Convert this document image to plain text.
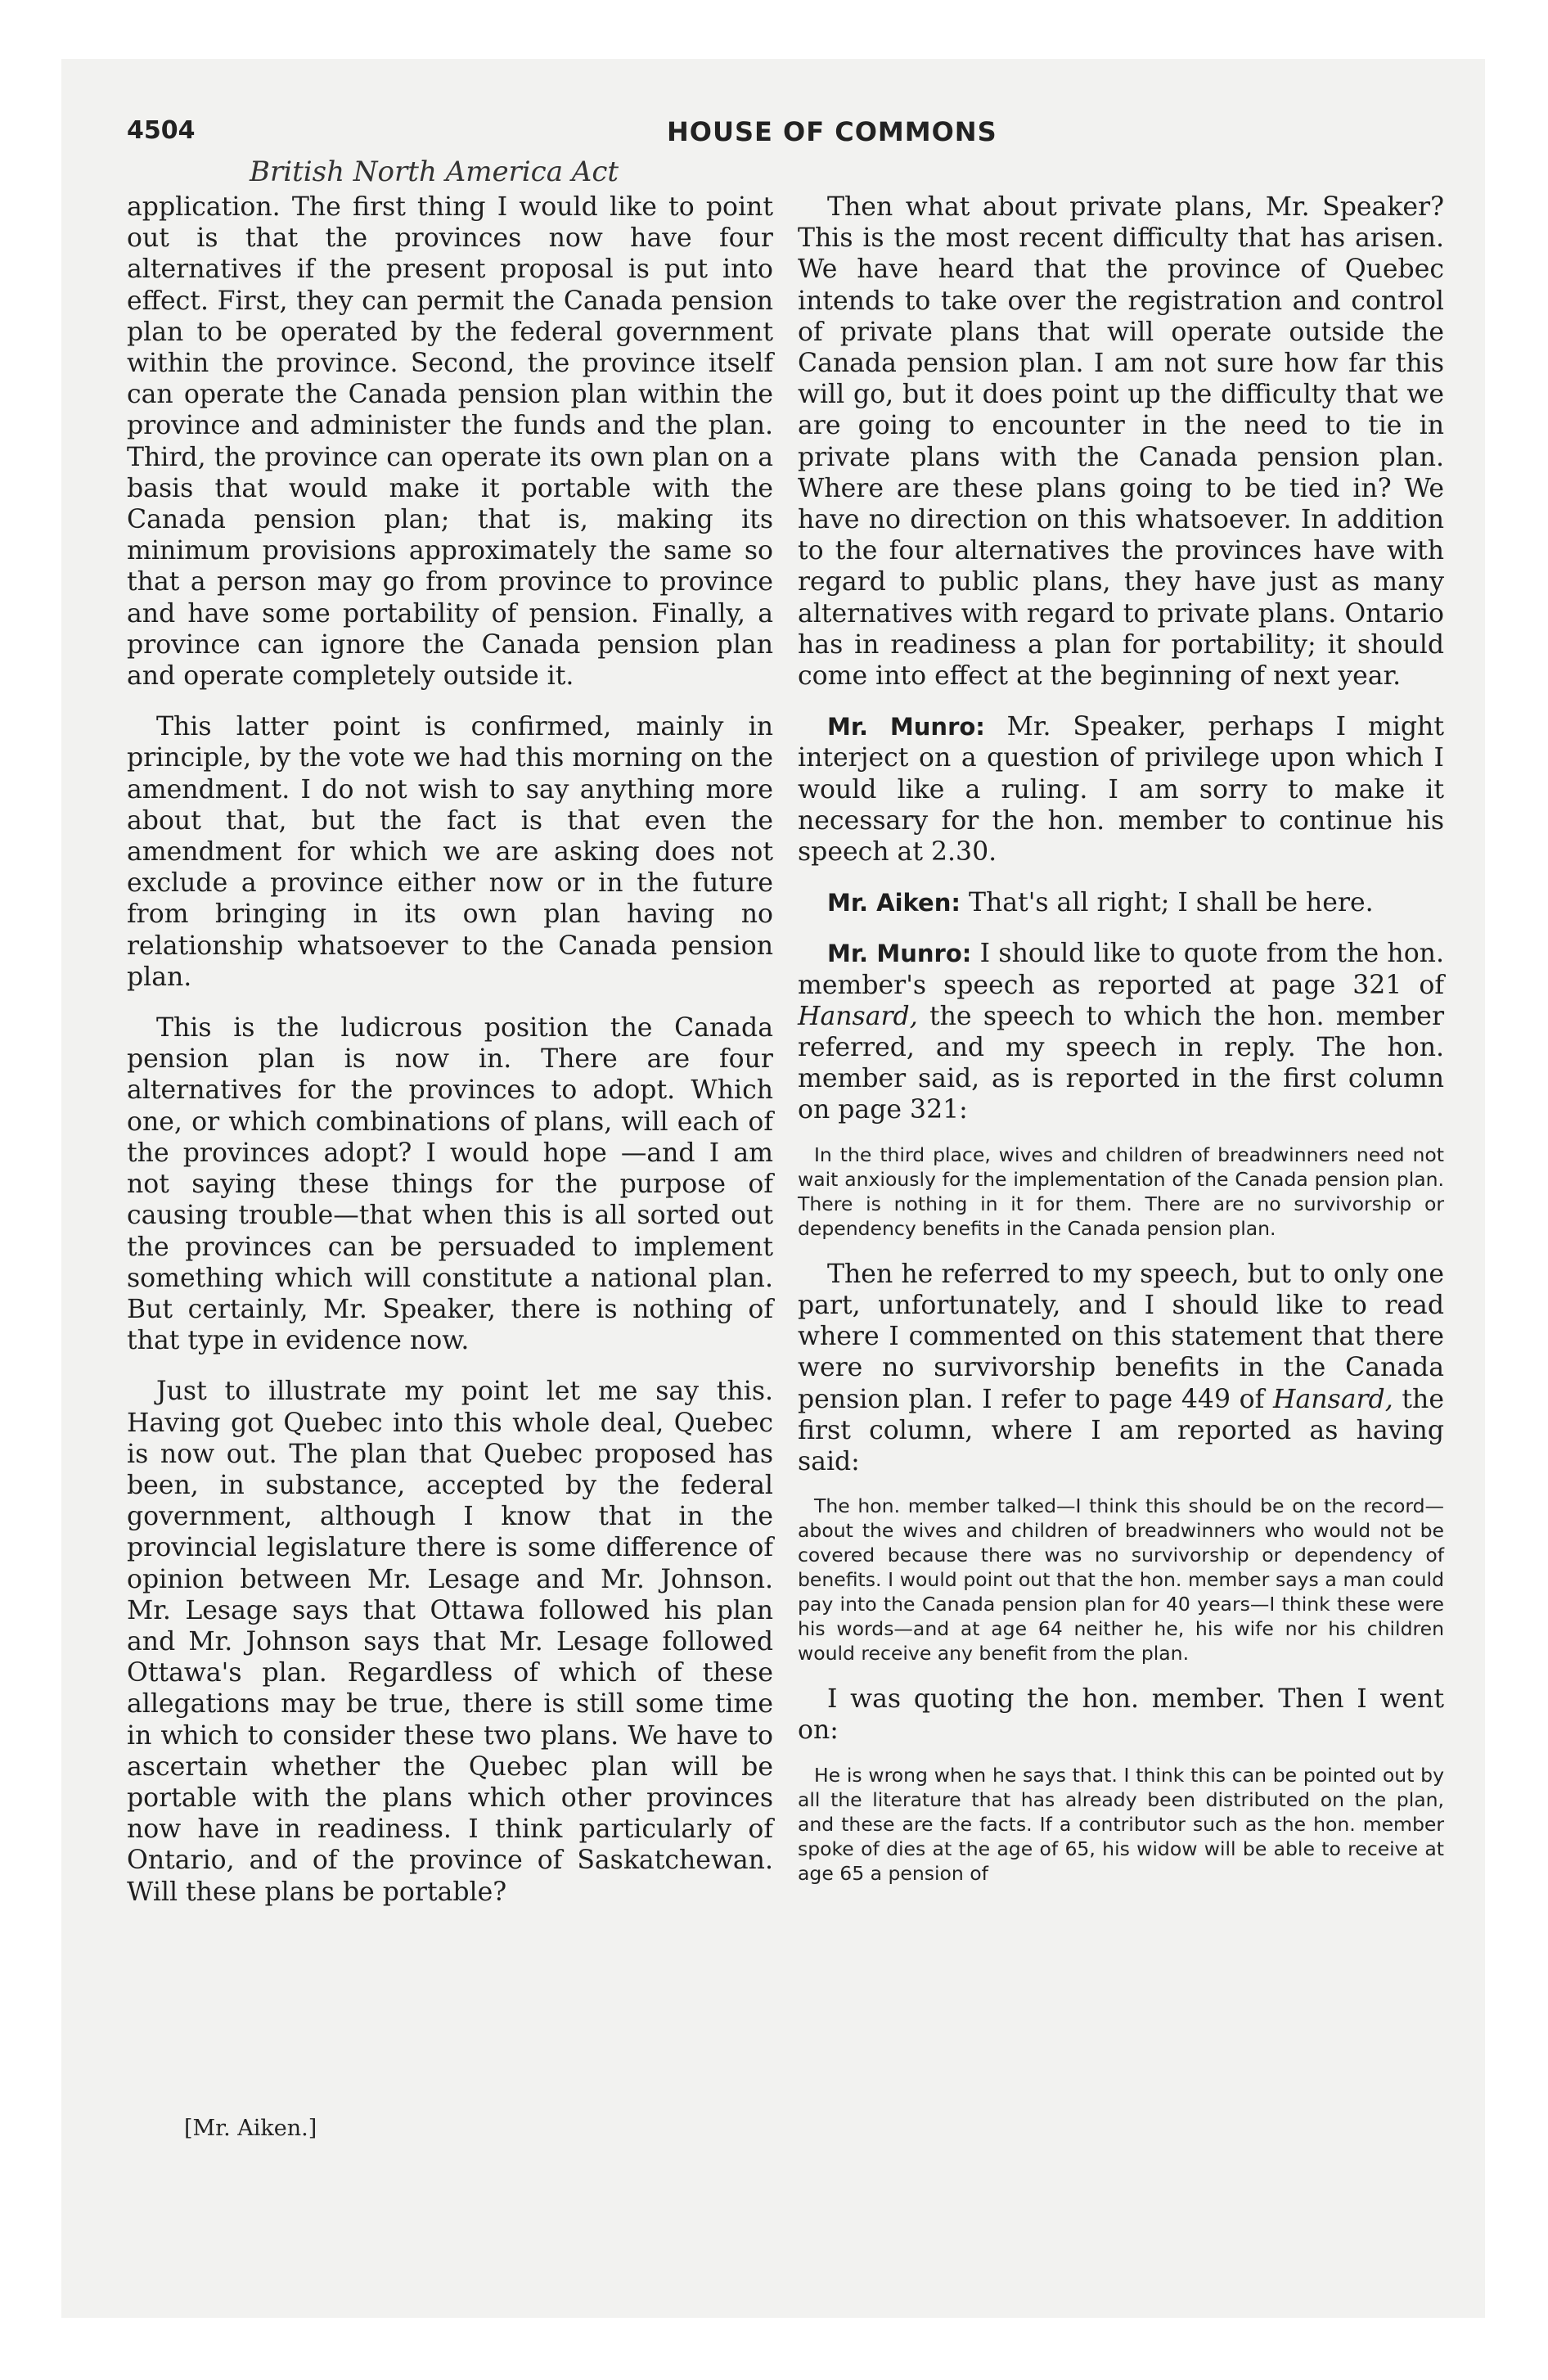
4504	HOUSE OF COMMONS
British North America Act

application. The first thing I would like to point out is that the provinces now have four alternatives if the present proposal is put into effect. First, they can permit the Canada pension plan to be operated by the federal government within the province. Second, the province itself can operate the Canada pension plan within the province and administer the funds and the plan. Third, the province can operate its own plan on a basis that would make it portable with the Canada pension plan; that is, making its minimum provisions approximately the same so that a person may go from province to province and have some portability of pension. Finally, a province can ignore the Canada pension plan and operate completely outside it.

This latter point is confirmed, mainly in principle, by the vote we had this morning on the amendment. I do not wish to say anything more about that, but the fact is that even the amendment for which we are asking does not exclude a province either now or in the future from bringing in its own plan having no relationship whatsoever to the Canada pension plan.

This is the ludicrous position the Canada pension plan is now in. There are four alternatives for the provinces to adopt. Which one, or which combinations of plans, will each of the provinces adopt? I would hope —and I am not saying these things for the purpose of causing trouble—that when this is all sorted out the provinces can be persuaded to implement something which will constitute a national plan. But certainly, Mr. Speaker, there is nothing of that type in evidence now.

Just to illustrate my point let me say this. Having got Quebec into this whole deal, Quebec is now out. The plan that Quebec proposed has been, in substance, accepted by the federal government, although I know that in the provincial legislature there is some difference of opinion between Mr. Lesage and Mr. Johnson. Mr. Lesage says that Ottawa followed his plan and Mr. Johnson says that Mr. Lesage followed Ottawa's plan. Regardless of which of these allegations may be true, there is still some time in which to consider these two plans. We have to ascertain whether the Quebec plan will be portable with the plans which other provinces now have in readiness. I think particularly of Ontario, and of the province of Saskatchewan. Will these plans be portable?

[Mr. Aiken.]

Then what about private plans, Mr. Speaker? This is the most recent difficulty that has arisen. We have heard that the province of Quebec intends to take over the registration and control of private plans that will operate outside the Canada pension plan. I am not sure how far this will go, but it does point up the difficulty that we are going to encounter in the need to tie in private plans with the Canada pension plan. Where are these plans going to be tied in? We have no direction on this whatsoever. In addition to the four alternatives the provinces have with regard to public plans, they have just as many alternatives with regard to private plans. Ontario has in readiness a plan for portability; it should come into effect at the beginning of next year.

Mr. Munro: Mr. Speaker, perhaps I might interject on a question of privilege upon which I would like a ruling. I am sorry to make it necessary for the hon. member to continue his speech at 2.30.

Mr. Aiken: That's all right; I shall be here.

Mr. Munro: I should like to quote from the hon. member's speech as reported at page 321 of Hansard, the speech to which the hon. member referred, and my speech in reply. The hon. member said, as is reported in the first column on page 321:

In the third place, wives and children of breadwinners need not wait anxiously for the implementation of the Canada pension plan. There is nothing in it for them. There are no survivorship or dependency benefits in the Canada pension plan.

Then he referred to my speech, but to only one part, unfortunately, and I should like to read where I commented on this statement that there were no survivorship benefits in the Canada pension plan. I refer to page 449 of Hansard, the first column, where I am reported as having said:

The hon. member talked—I think this should be on the record—about the wives and children of breadwinners who would not be covered because there was no survivorship or dependency of benefits. I would point out that the hon. member says a man could pay into the Canada pension plan for 40 years—I think these were his words—and at age 64 neither he, his wife nor his children would receive any benefit from the plan.

I was quoting the hon. member. Then I went on:

He is wrong when he says that. I think this can be pointed out by all the literature that has already been distributed on the plan, and these are the facts. If a contributor such as the hon. member spoke of dies at the age of 65, his widow will be able to receive at age 65 a pension of
